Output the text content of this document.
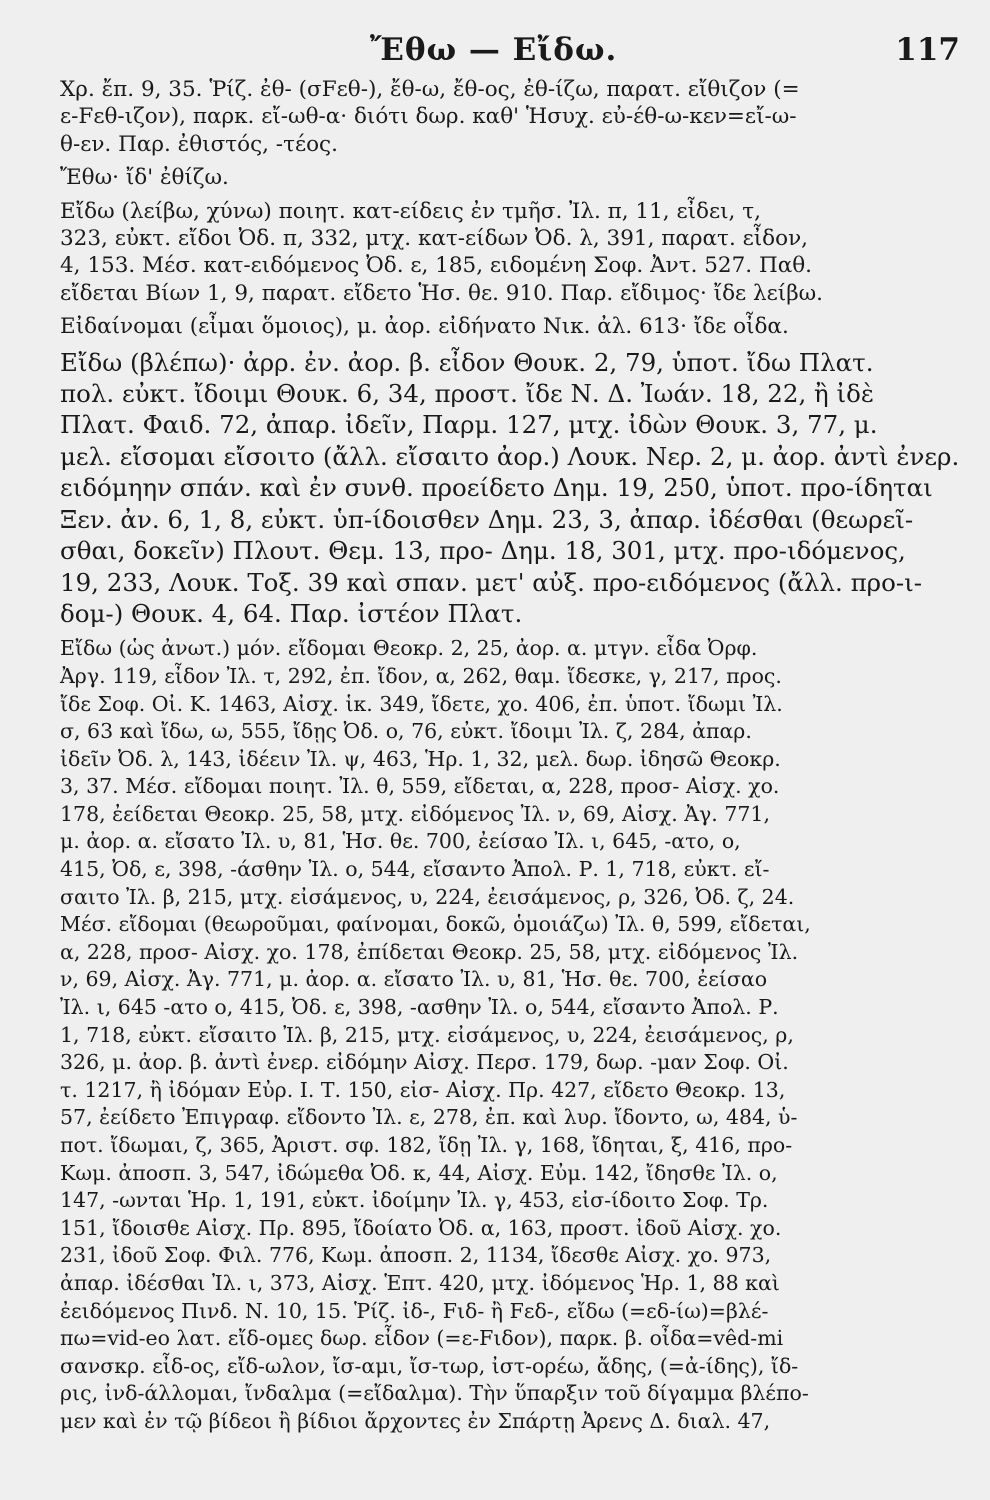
Ἔθω — Εἴδω.	117
Χρ. ἔπ. 9, 35. Ῥίζ. ἐθ- (σFεθ-), ἔθ-ω, ἔθ-ος, ἐθ-ίζω, παρατ. εἴθιζον (=
ε-Fεθ-ιζον), παρκ. εἴ-ωθ-α· διότι δωρ. καθ' Ἡσυχ. εὐ-έθ-ω-κεν=εἴ-ω-
θ-εν. Παρ. ἐθιστός, -τέος.
Ἔθω· ἴδ' ἐθίζω.
Εἴδω (λείβω, χύνω) ποιητ. κατ-είδεις ἐν τμῆσ. Ἰλ. π, 11, εἶδει, τ,
323, εὐκτ. εἴδοι Ὀδ. π, 332, μτχ. κατ-είδων Ὀδ. λ, 391, παρατ. εἶδον,
4, 153. Μέσ. κατ-ειδόμενος Ὀδ. ε, 185, ειδομένη Σοφ. Ἀντ. 527. Παθ.
εἴδεται Βίων 1, 9, παρατ. εἴδετο Ἡσ. θε. 910. Παρ. εἴδιμος· ἴδε λείβω.
Εἰδαίνομαι (εἶμαι ὅμοιος), μ. ἀορ. εἰδήνατο Νικ. ἀλ. 613· ἴδε οἶδα.
Εἴδω (βλέπω)· ἀρρ. ἐν. ἀορ. β. εἶδον Θουκ. 2, 79, ὑποτ. ἴδω Πλατ.
πολ. εὐκτ. ἴδοιμι Θουκ. 6, 34, προστ. ἴδε Ν. Δ. Ἰωάν. 18, 22, ἢ ἰδὲ
Πλατ. Φαιδ. 72, ἀπαρ. ἰδεῖν, Παρμ. 127, μτχ. ἰδὼν Θουκ. 3, 77, μ.
μελ. εἴσομαι εἴσοιτο (ἄλλ. εἴσαιτο ἀορ.) Λουκ. Νερ. 2, μ. ἀορ. ἀντὶ ἐνερ.
ειδόμηην σπάν. καὶ ἐν συνθ. προείδετο Δημ. 19, 250, ὑποτ. προ-ίδηται
Ξεν. ἀν. 6, 1, 8, εὐκτ. ὑπ-ίδοισθεν Δημ. 23, 3, ἀπαρ. ἰδέσθαι (θεωρεῖ-
σθαι, δοκεῖν) Πλουτ. Θεμ. 13, προ- Δημ. 18, 301, μτχ. προ-ιδόμενος,
19, 233, Λουκ. Τοξ. 39 καὶ σπαν. μετ' αὐξ. προ-ειδόμενος (ἄλλ. προ-ι-
δομ-) Θουκ. 4, 64. Παρ. ἰστέον Πλατ.
Εἴδω (ὡς ἀνωτ.) μόν. εἴδομαι Θεοκρ. 2, 25, ἀορ. α. μτγν. εἶδα Ὀρφ.
Ἀργ. 119, εἶδον Ἰλ. τ, 292, ἐπ. ἴδον, α, 262, θαμ. ἴδεσκε, γ, 217, προς.
ἴδε Σοφ. Οἰ. Κ. 1463, Αἰσχ. ἱκ. 349, ἴδετε, χο. 406, ἐπ. ὑποτ. ἴδωμι Ἰλ.
σ, 63 καὶ ἴδω, ω, 555, ἴδῃς Ὀδ. ο, 76, εὐκτ. ἴδοιμι Ἰλ. ζ, 284, ἀπαρ.
ἰδεῖν Ὀδ. λ, 143, ἰδέειν Ἰλ. ψ, 463, Ἡρ. 1, 32, μελ. δωρ. ἰδησῶ Θεοκρ.
3, 37. Μέσ. εἴδομαι ποιητ. Ἰλ. θ, 559, εἴδεται, α, 228, προσ- Αἰσχ. χο.
178, ἐείδεται Θεοκρ. 25, 58, μτχ. εἰδόμενος Ἰλ. ν, 69, Αἰσχ. Ἀγ. 771,
μ. ἀορ. α. εἴσατο Ἰλ. υ, 81, Ἡσ. θε. 700, ἐείσαο Ἰλ. ι, 645, -ατο, ο,
415, Ὀδ, ε, 398, -άσθην Ἰλ. ο, 544, εἴσαντο Ἀπολ. Ρ. 1, 718, εὐκτ. εἴ-
σαιτο Ἰλ. β, 215, μτχ. εἰσάμενος, υ, 224, ἐεισάμενος, ρ, 326, Ὀδ. ζ, 24.
Μέσ. εἴδομαι (θεωροῦμαι, φαίνομαι, δοκῶ, ὁμοιάζω) Ἰλ. θ, 599, εἴδεται,
α, 228, προσ- Αἰσχ. χο. 178, ἐπίδεται Θεοκρ. 25, 58, μτχ. εἰδόμενος Ἰλ.
ν, 69, Αἰσχ. Ἀγ. 771, μ. ἀορ. α. εἴσατο Ἰλ. υ, 81, Ἡσ. θε. 700, ἐείσαο
Ἰλ. ι, 645 -ατο ο, 415, Ὀδ. ε, 398, -ασθην Ἰλ. ο, 544, εἴσαντο Ἀπολ. Ρ.
1, 718, εὐκτ. εἴσαιτο Ἰλ. β, 215, μτχ. εἰσάμενος, υ, 224, ἐεισάμενος, ρ,
326, μ. ἀορ. β. ἀντὶ ἐνερ. εἰδόμην Αἰσχ. Περσ. 179, δωρ. -μαν Σοφ. Οἰ.
τ. 1217, ἢ ἰδόμαν Εὐρ. Ι. Τ. 150, εἰσ- Αἰσχ. Πρ. 427, εἴδετο Θεοκρ. 13,
57, ἐείδετο Ἐπιγραφ. εἴδοντο Ἰλ. ε, 278, ἐπ. καὶ λυρ. ἴδοντο, ω, 484, ὑ-
ποτ. ἴδωμαι, ζ, 365, Ἀριστ. σφ. 182, ἴδῃ Ἰλ. γ, 168, ἴδηται, ξ, 416, προ-
Κωμ. ἀποσπ. 3, 547, ἰδώμεθα Ὀδ. κ, 44, Αἰσχ. Εὐμ. 142, ἴδησθε Ἰλ. ο,
147, -ωνται Ἡρ. 1, 191, εὐκτ. ἰδοίμην Ἰλ. γ, 453, εἰσ-ίδοιτο Σοφ. Τρ.
151, ἴδοισθε Αἰσχ. Πρ. 895, ἴδοίατο Ὀδ. α, 163, προστ. ἰδοῦ Αἰσχ. χο.
231, ἰδοῦ Σοφ. Φιλ. 776, Κωμ. ἀποσπ. 2, 1134, ἴδεσθε Αἰσχ. χο. 973,
ἀπαρ. ἰδέσθαι Ἰλ. ι, 373, Αἰσχ. Ἑπτ. 420, μτχ. ἰδόμενος Ἡρ. 1, 88 καὶ
ἐειδόμενος Πινδ. Ν. 10, 15. Ῥίζ. ἰδ-, Fιδ- ἢ Fεδ-, εἴδω (=εδ-ίω)=βλέ-
πω=vid-eo λατ. εἴδ-ομες δωρ. εἶδον (=ε-Fιδον), παρκ. β. οἶδα=vêd-mi
σανσκρ. εἶδ-ος, εἴδ-ωλον, ἴσ-αμι, ἴσ-τωρ, ἰστ-ορέω, ἄδης, (=ἀ-ίδης), ἴδ-
ρις, ἰνδ-άλλομαι, ἴνδαλμα (=εἴδαλμα). Τὴν ὕπαρξιν τοῦ δίγαμμα βλέπο-
μεν καὶ ἐν τῷ βίδεοι ἢ βίδιοι ἄρχοντες ἐν Σπάρτῃ Ἀρενς Δ. διαλ. 47,
